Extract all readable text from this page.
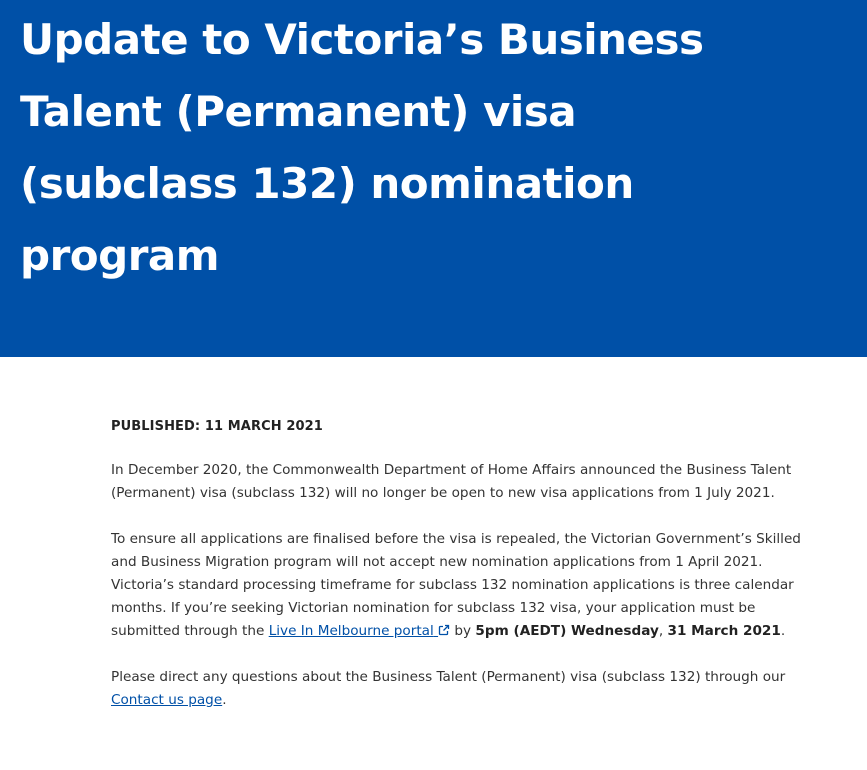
Update to Victoria’s Business Talent (Permanent) visa (subclass 132) nomination program

PUBLISHED: 11 MARCH 2021

In December 2020, the Commonwealth Department of Home Affairs announced the Business Talent (Permanent) visa (subclass 132) will no longer be open to new visa applications from 1 July 2021.

To ensure all applications are finalised before the visa is repealed, the Victorian Government’s Skilled and Business Migration program will not accept new nomination applications from 1 April 2021. Victoria’s standard processing timeframe for subclass 132 nomination applications is three calendar months. If you’re seeking Victorian nomination for subclass 132 visa, your application must be submitted through the Live In Melbourne portal  by 5pm (AEDT) Wednesday, 31 March 2021.

Please direct any questions about the Business Talent (Permanent) visa (subclass 132) through our Contact us page.
